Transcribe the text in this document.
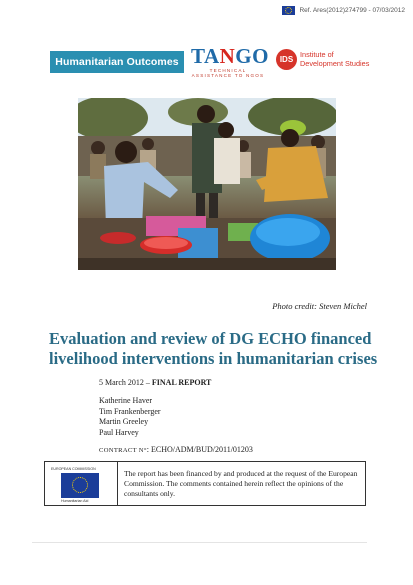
Ref. Ares(2012)274799 - 07/03/2012
Humanitarian Outcomes TANGO
TECHNICAL ASSISTANCE TO NGOS
IDS
Institute of
Development Studies
Photo credit: Steven Michel
Evaluation and review of DG ECHO financed
livelihood interventions in humanitarian crises
5 March 2012 – FINAL REPORT
Katherine Haver
Tim Frankenberger
Martin Greeley
Paul Harvey
CONTRACT N°: ECHO/ADM/BUD/2011/01203
EUROPEAN COMMISSION
Humanitarian Aid
The report has been financed by and produced at the request of the European Commission. The comments contained herein reflect the opinions of the consultants only.
